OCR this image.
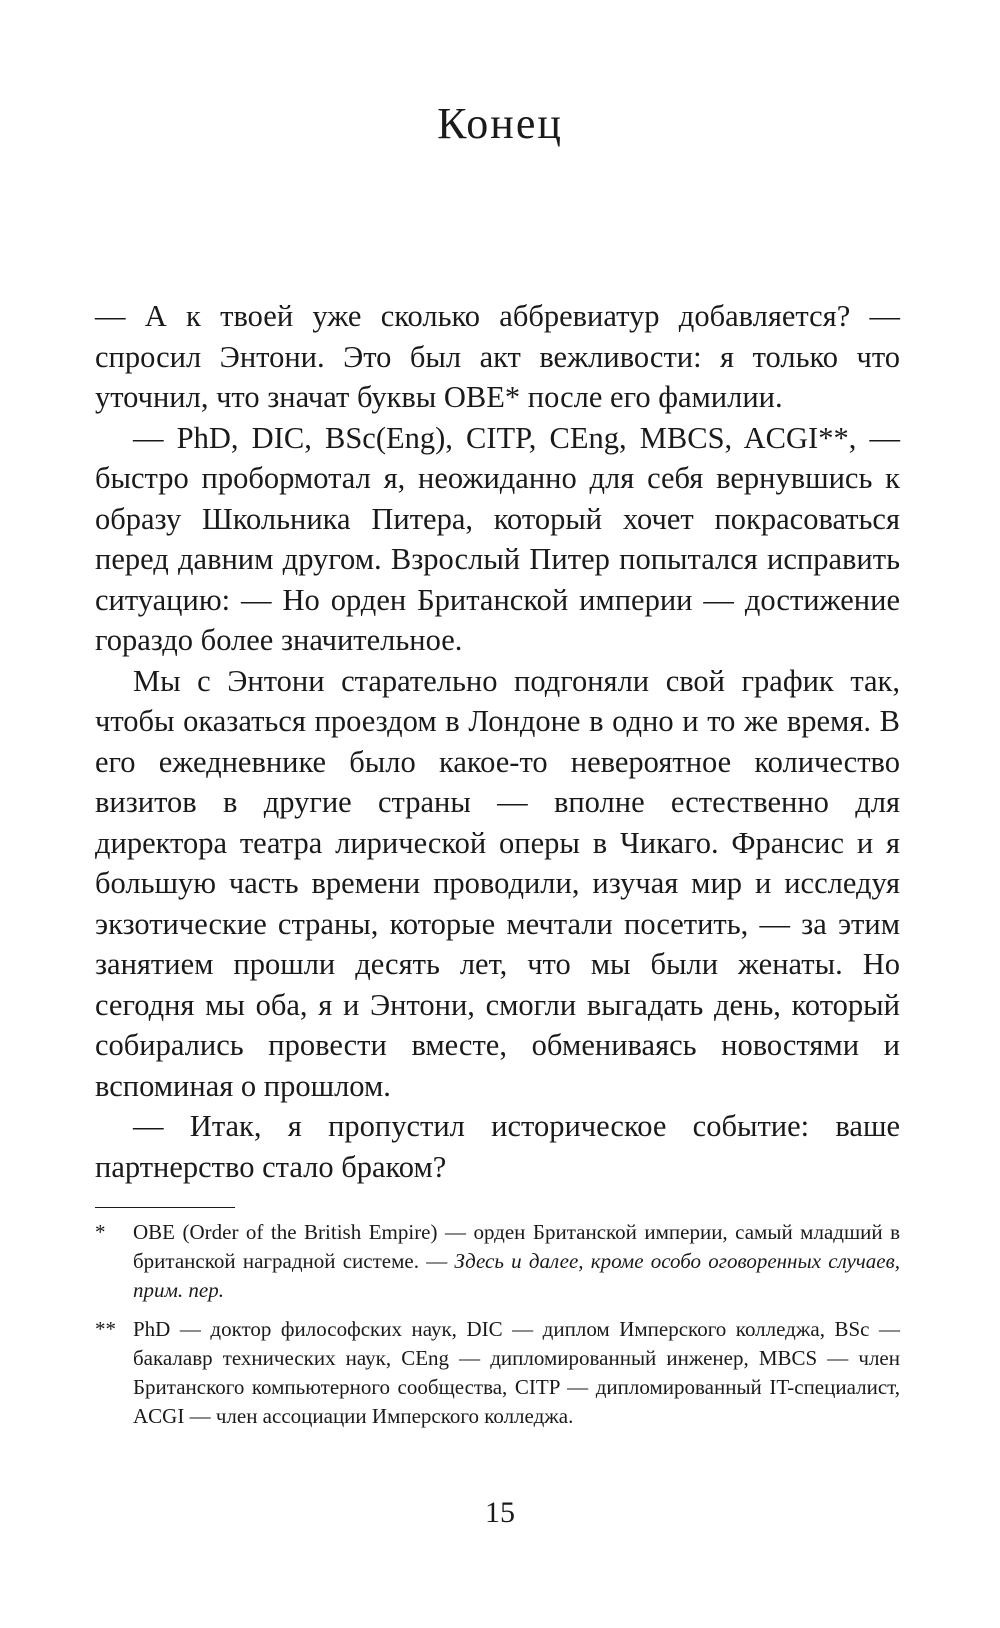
Конец

— А к твоей уже сколько аббревиатур добавляется? — спросил Энтони. Это был акт вежливости: я только что уточнил, что значат буквы OBE* после его фамилии.

— PhD, DIC, BSc(Eng), CITP, CEng, MBCS, ACGI**, — быстро пробормотал я, неожиданно для себя вернувшись к образу Школьника Питера, который хочет покрасоваться перед давним другом. Взрослый Питер попытался исправить ситуацию: — Но орден Британской империи — достижение гораздо более значительное.

Мы с Энтони старательно подгоняли свой график так, чтобы оказаться проездом в Лондоне в одно и то же время. В его ежедневнике было какое-то невероятное количество визитов в другие страны — вполне естественно для директора театра лирической оперы в Чикаго. Франсис и я большую часть времени проводили, изучая мир и исследуя экзотические страны, которые мечтали посетить, — за этим занятием прошли десять лет, что мы были женаты. Но сегодня мы оба, я и Энтони, смогли выгадать день, который собирались провести вместе, обмениваясь новостями и вспоминая о прошлом.

— Итак, я пропустил историческое событие: ваше партнерство стало браком?

* OBE (Order of the British Empire) — орден Британской империи, самый младший в британской наградной системе. — Здесь и далее, кроме особо оговоренных случаев, прим. пер.
** PhD — доктор философских наук, DIC — диплом Имперского колледжа, BSc — бакалавр технических наук, CEng — дипломированный инженер, MBCS — член Британского компьютерного сообщества, CITP — дипломированный IT-специалист, ACGI — член ассоциации Имперского колледжа.
15
